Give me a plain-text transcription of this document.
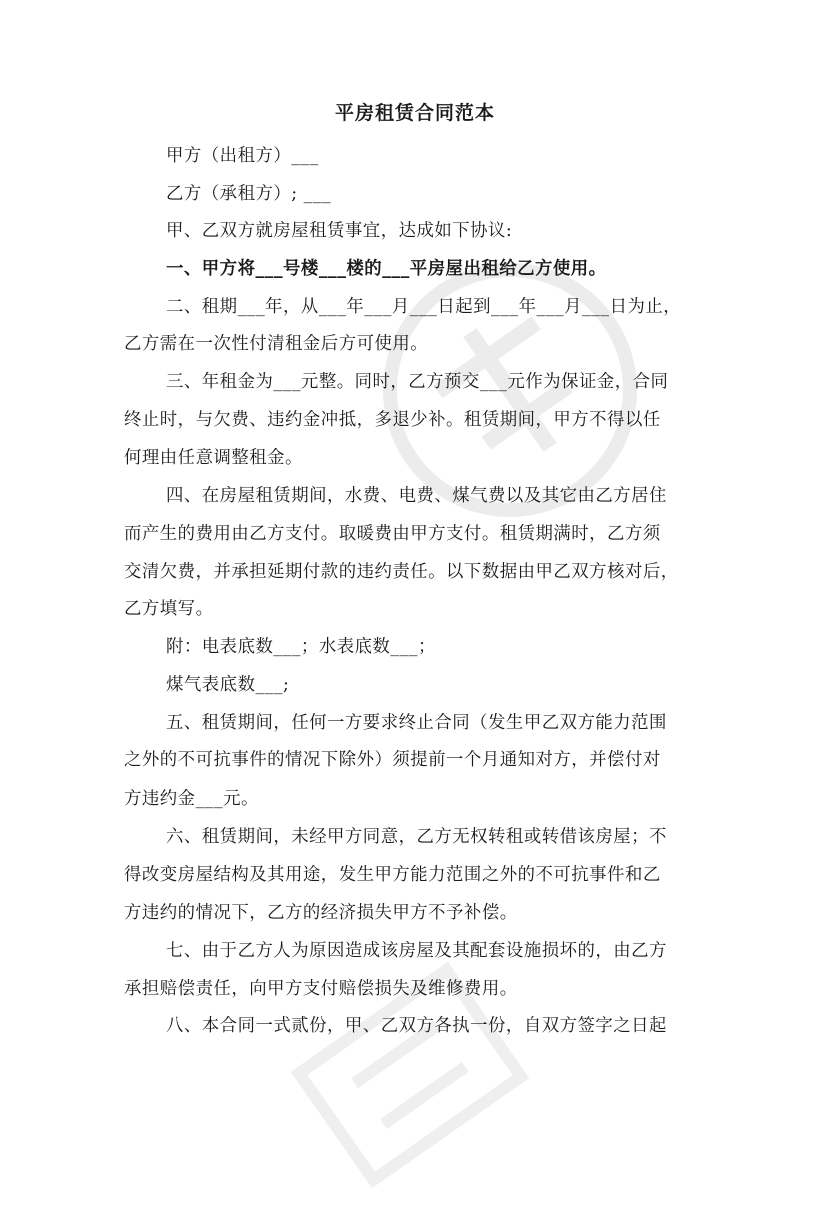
平房租赁合同范本
甲方（出租方）___
乙方（承租方）; ___
甲、乙双方就房屋租赁事宜，达成如下协议:
一、甲方将___号楼___楼的___平房屋出租给乙方使用。
二、租期___年，从___年___月___日起到___年___月___日为止，
乙方需在一次性付清租金后方可使用。
三、年租金为___元整。同时，乙方预交___元作为保证金，合同
终止时，与欠费、违约金冲抵，多退少补。租赁期间，甲方不得以任
何理由任意调整租金。
四、在房屋租赁期间，水费、电费、煤气费以及其它由乙方居住
而产生的费用由乙方支付。取暖费由甲方支付。租赁期满时，乙方须
交清欠费，并承担延期付款的违约责任。以下数据由甲乙双方核对后，
乙方填写。
附：电表底数___；水表底数___；
煤气表底数___;
五、租赁期间，任何一方要求终止合同（发生甲乙双方能力范围
之外的不可抗事件的情况下除外）须提前一个月通知对方，并偿付对
方违约金___元。
六、租赁期间，未经甲方同意，乙方无权转租或转借该房屋；不
得改变房屋结构及其用途，发生甲方能力范围之外的不可抗事件和乙
方违约的情况下，乙方的经济损失甲方不予补偿。
七、由于乙方人为原因造成该房屋及其配套设施损坏的，由乙方
承担赔偿责任，向甲方支付赔偿损失及维修费用。
八、本合同一式贰份，甲、乙双方各执一份，自双方签字之日起
